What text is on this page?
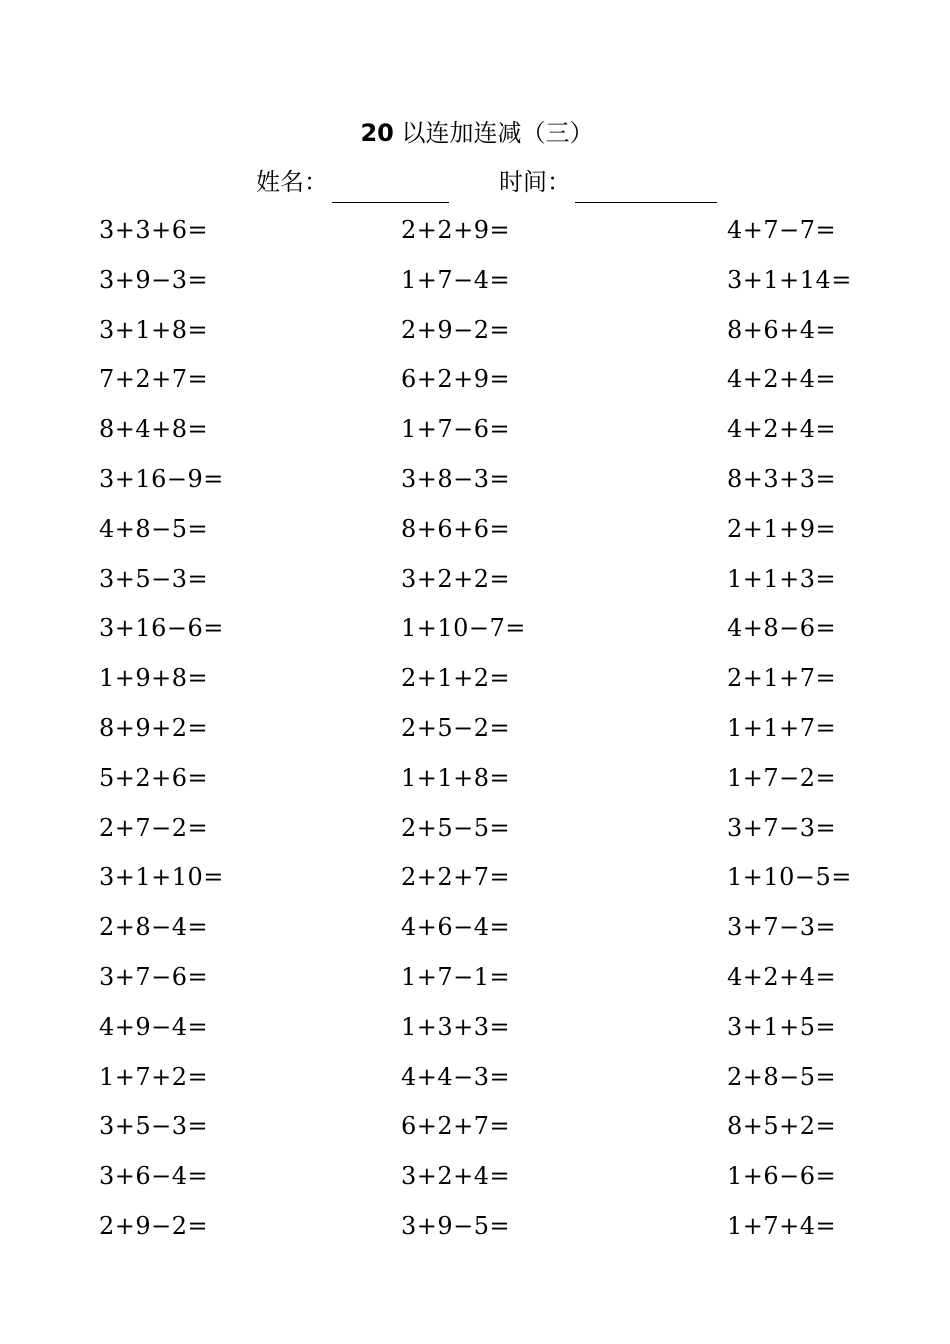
20 以连加连减（三）
姓名：	时间：
3+3+6=
3+9−3=
3+1+8=
7+2+7=
8+4+8=
3+16−9=
4+8−5=
3+5−3=
3+16−6=
1+9+8=
8+9+2=
5+2+6=
2+7−2=
3+1+10=
2+8−4=
3+7−6=
4+9−4=
1+7+2=
3+5−3=
3+6−4=
2+9−2=
2+2+9=
1+7−4=
2+9−2=
6+2+9=
1+7−6=
3+8−3=
8+6+6=
3+2+2=
1+10−7=
2+1+2=
2+5−2=
1+1+8=
2+5−5=
2+2+7=
4+6−4=
1+7−1=
1+3+3=
4+4−3=
6+2+7=
3+2+4=
3+9−5=
4+7−7=
3+1+14=
8+6+4=
4+2+4=
4+2+4=
8+3+3=
2+1+9=
1+1+3=
4+8−6=
2+1+7=
1+1+7=
1+7−2=
3+7−3=
1+10−5=
3+7−3=
4+2+4=
3+1+5=
2+8−5=
8+5+2=
1+6−6=
1+7+4=
